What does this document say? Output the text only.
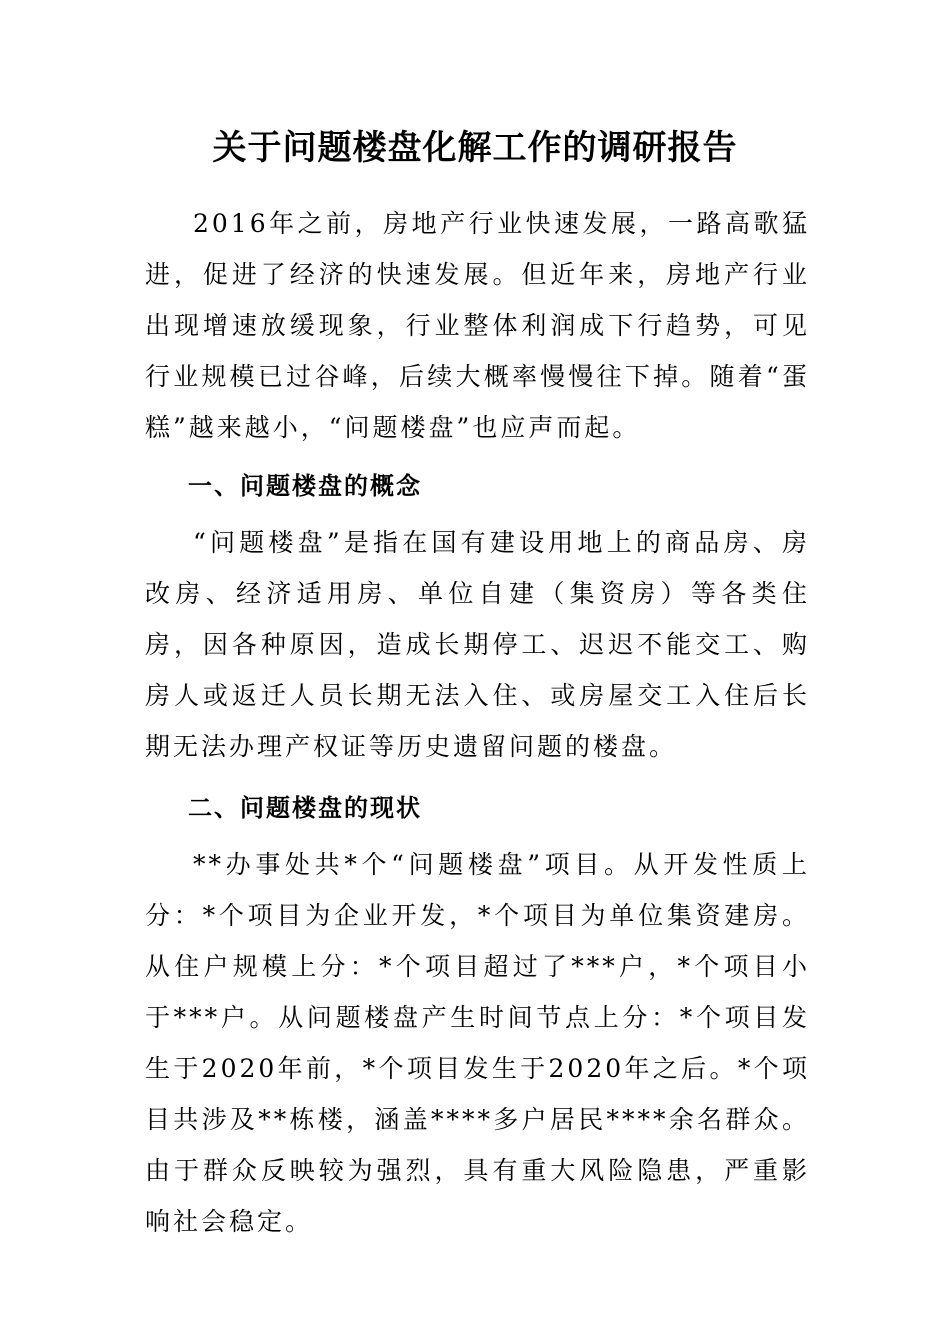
关于问题楼盘化解工作的调研报告

2016年之前，房地产行业快速发展，一路高歌猛进，促进了经济的快速发展。但近年来，房地产行业出现增速放缓现象，行业整体利润成下行趋势，可见行业规模已过谷峰，后续大概率慢慢往下掉。随着“蛋糕”越来越小，“问题楼盘”也应声而起。

一、问题楼盘的概念

“问题楼盘”是指在国有建设用地上的商品房、房改房、经济适用房、单位自建（集资房）等各类住房，因各种原因，造成长期停工、迟迟不能交工、购房人或返迁人员长期无法入住、或房屋交工入住后长期无法办理产权证等历史遗留问题的楼盘。

二、问题楼盘的现状

**办事处共*个“问题楼盘”项目。从开发性质上分：*个项目为企业开发，*个项目为单位集资建房。从住户规模上分：*个项目超过了***户，*个项目小于***户。从问题楼盘产生时间节点上分：*个项目发生于2020年前，*个项目发生于2020年之后。*个项目共涉及**栋楼，涵盖****多户居民****余名群众。由于群众反映较为强烈，具有重大风险隐患，严重影响社会稳定。
